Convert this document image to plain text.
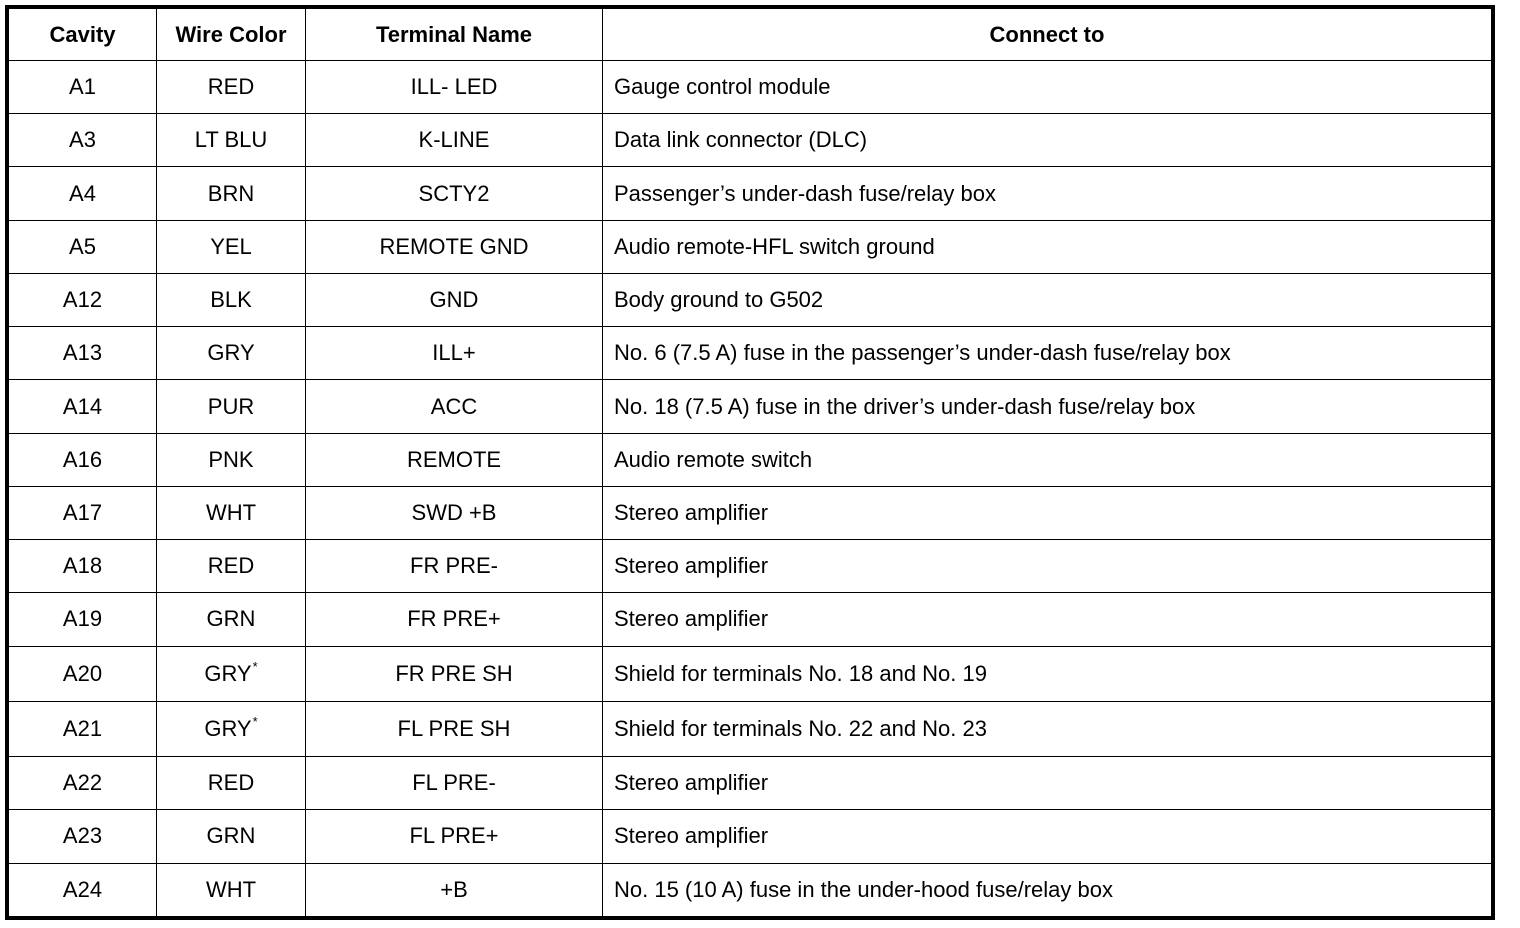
Cavity	Wire Color	Terminal Name	Connect to
A1	RED	ILL- LED	Gauge control module
A3	LT BLU	K-LINE	Data link connector (DLC)
A4	BRN	SCTY2	Passenger’s under-dash fuse/relay box
A5	YEL	REMOTE GND	Audio remote-HFL switch ground
A12	BLK	GND	Body ground to G502
A13	GRY	ILL+	No. 6 (7.5 A) fuse in the passenger’s under-dash fuse/relay box
A14	PUR	ACC	No. 18 (7.5 A) fuse in the driver’s under-dash fuse/relay box
A16	PNK	REMOTE	Audio remote switch
A17	WHT	SWD +B	Stereo amplifier
A18	RED	FR PRE-	Stereo amplifier
A19	GRN	FR PRE+	Stereo amplifier
A20	GRY*	FR PRE SH	Shield for terminals No. 18 and No. 19
A21	GRY*	FL PRE SH	Shield for terminals No. 22 and No. 23
A22	RED	FL PRE-	Stereo amplifier
A23	GRN	FL PRE+	Stereo amplifier
A24	WHT	+B	No. 15 (10 A) fuse in the under-hood fuse/relay box
